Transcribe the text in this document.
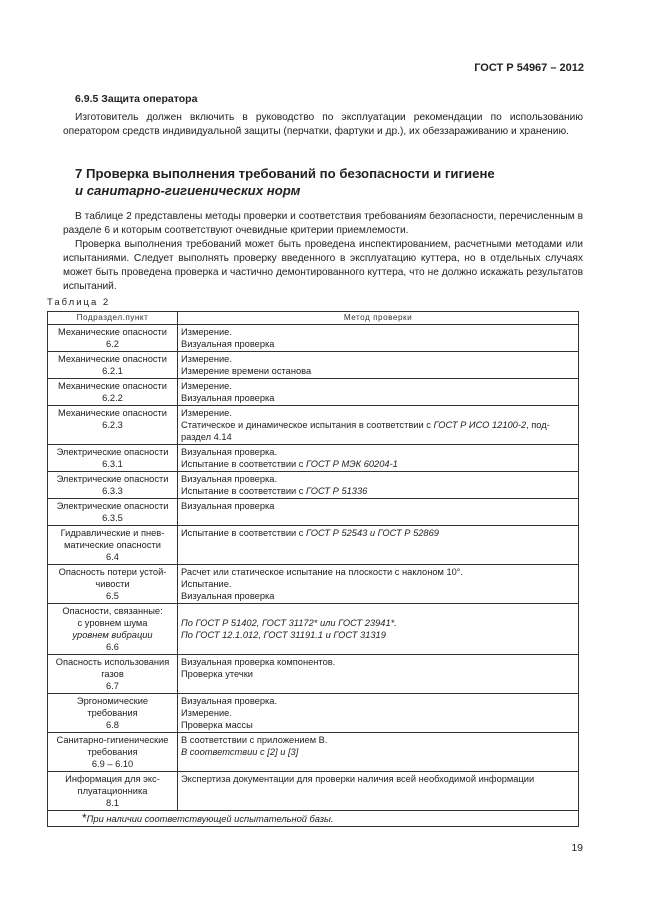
ГОСТ Р 54967 – 2012
6.9.5 Защита оператора
Изготовитель должен включить в руководство по эксплуатации рекомендации по использованию оператором средств индивидуальной защиты (перчатки, фартуки и др.), их обеззараживанию и хранению.
7 Проверка выполнения требований по безопасности и гигиене
и санитарно-гигиенических норм
В таблице 2 представлены методы проверки и соответствия требованиям безопасности, перечисленным в разделе 6 и которым соответствуют очевидные критерии приемлемости.
Проверка выполнения требований может быть проведена инспектированием, расчетными методами или испытаниями. Следует выполнять проверку введенного в эксплуатацию куттера, но в отдельных случаях может быть проведена проверка и частично демонтированного куттера, что не должно искажать результатов испытаний.
Таблица 2
Подраздел.пункт	Метод проверки

Механические опасности
6.2	Измерение.
Визуальная проверка

Механические опасности
6.2.1	Измерение.
Измерение времени останова

Механические опасности
6.2.2	Измерение.
Визуальная проверка

Механические опасности
6.2.3	Измерение.
Статическое и динамическое испытания в соответствии с ГОСТ Р ИСО 12100-2, под-
раздел 4.14

Электрические опасности
6.3.1	Визуальная проверка.
Испытание в соответствии с ГОСТ Р МЭК 60204-1

Электрические опасности
6.3.3	Визуальная проверка.
Испытание в соответствии с ГОСТ Р 51336

Электрические опасности
6.3.5	Визуальная проверка

Гидравлические и пнев-
матические опасности
6.4	Испытание в соответствии с ГОСТ Р 52543 и ГОСТ Р 52869

Опасность потери устой-
чивости
6.5	Расчет или статическое испытание на плоскости с наклоном 10°.
Испытание.
Визуальная проверка

Опасности, связанные:
с уровнем шума
уровнем вибрации
6.6	По ГОСТ Р 51402, ГОСТ 31172* или ГОСТ 23941*.
По ГОСТ 12.1.012, ГОСТ 31191.1 и ГОСТ 31319

Опасность использования
газов
6.7	Визуальная проверка компонентов.
Проверка утечки

Эргономические
требования
6.8	Визуальная проверка.
Измерение.
Проверка массы

Санитарно-гигиенические
требования
6.9 – 6.10	В соответствии с приложением В.
В соответствии с [2] и [3]

Информация для экс-
плуатационника
8.1	Экспертиза документации для проверки наличия всей необходимой информации

*При наличии соответствующей испытательной базы.	
19
